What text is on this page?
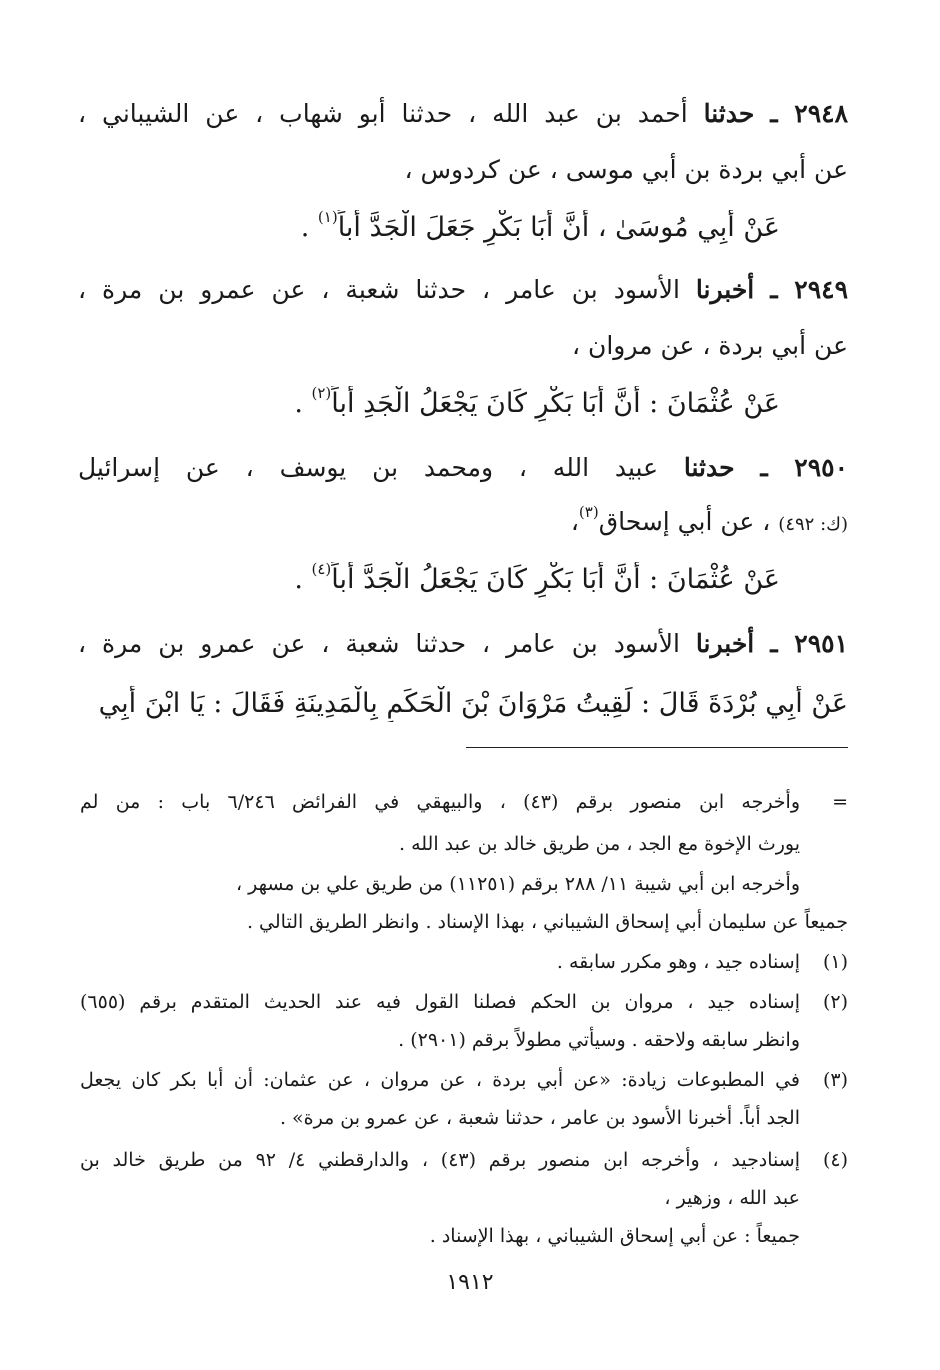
٢٩٤٨ ـ حدثنا أحمد بن عبد الله ، حدثنا أبو شهاب ، عن الشيباني ،
عن أبي بردة بن أبي موسى ، عن كردوس ،
عَنْ أَبِي مُوسَىٰ ، أَنَّ أَبَا بَكْرٍ جَعَلَ الْجَدَّ أَباً$^{(١)}$ .
٢٩٤٩ ـ أخبرنا الأسود بن عامر ، حدثنا شعبة ، عن عمرو بن مرة ،
عن أبي بردة ، عن مروان ،
عَنْ عُثْمَانَ : أَنَّ أَبَا بَكْرٍ كَانَ يَجْعَلُ الْجَدِ أَباً$^{(٢)}$ .
٢٩٥٠ ـ حدثنا عبيد الله ، ومحمد بن يوسف ، عن إسرائيل
(ك: ٤٩٢) ، عن أبي إسحاق$^{(٣)}$،
عَنْ عُثْمَانَ : أَنَّ أَبَا بَكْرٍ كَانَ يَجْعَلُ الْجَدَّ أَباً$^{(٤)}$ .
٢٩٥١ ـ أخبرنا الأسود بن عامر ، حدثنا شعبة ، عن عمرو بن مرة ،
عَنْ أَبِي بُرْدَةَ قَالَ : لَقِيتُ مَرْوَانَ بْنَ الْحَكَمِ بِالْمَدِينَةِ فَقَالَ : يَا ابْنَ أَبِي
=
وأخرجه ابن منصور برقم (٤٣) ، والبيهقي في الفرائض ٦/٢٤٦ باب : من لم
يورث الإخوة مع الجد ، من طريق خالد بن عبد الله .
وأخرجه ابن أبي شيبة ١١/ ٢٨٨ برقم (١١٢٥١) من طريق علي بن مسهر ،
جميعاً عن سليمان أبي إسحاق الشيباني ، بهذا الإسناد . وانظر الطريق التالي .
(١)
إسناده جيد ، وهو مكرر سابقه .
(٢)
إسناده جيد ، مروان بن الحكم فصلنا القول فيه عند الحديث المتقدم برقم (٦٥٥)
وانظر سابقه ولاحقه . وسيأتي مطولاً برقم (٢٩٠١) .
(٣)
في المطبوعات زيادة: «عن أبي بردة ، عن مروان ، عن عثمان: أن أبا بكر كان يجعل
الجد أباً. أخبرنا الأسود بن عامر ، حدثنا شعبة ، عن عمرو بن مرة» .
(٤)
إسنادجيد ، وأخرجه ابن منصور برقم (٤٣) ، والدارقطني ٤/ ٩٢ من طريق خالد بن
عبد الله ، وزهير ،
جميعاً : عن أبي إسحاق الشيباني ، بهذا الإسناد .
١٩١٢
